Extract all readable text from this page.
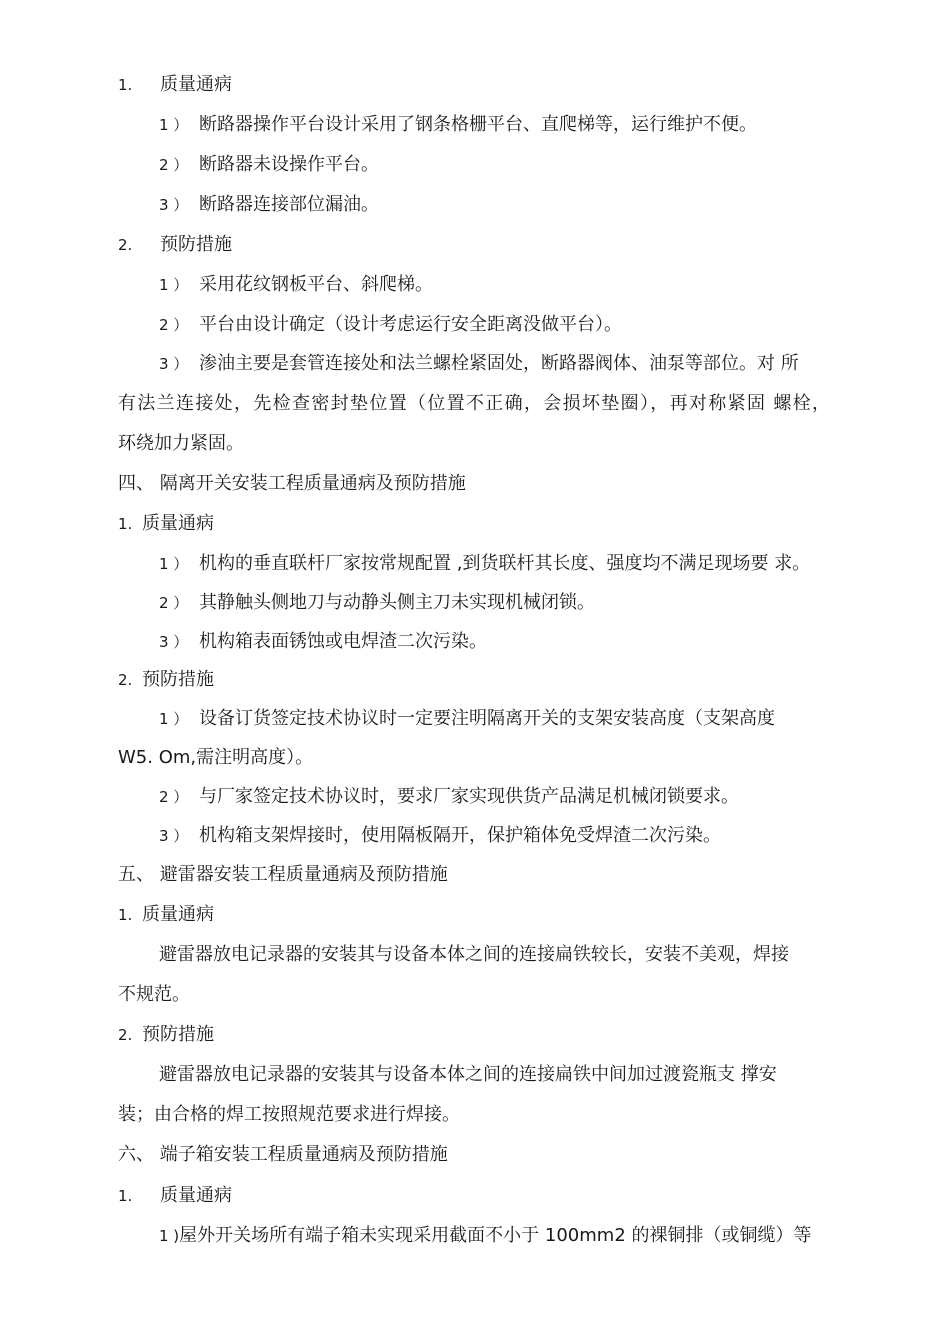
1. 质量通病
1 ） 断路器操作平台设计采用了钢条格栅平台、直爬梯等，运行维护不便。
2 ） 断路器未设操作平台。
3 ） 断路器连接部位漏油。
2. 预防措施
1 ） 采用花纹钢板平台、斜爬梯。
2 ） 平台由设计确定（设计考虑运行安全距离没做平台）。
3 ） 渗油主要是套管连接处和法兰螺栓紧固处，断路器阀体、油泵等部位。对 所
有法兰连接处，先检查密封垫位置（位置不正确，会损坏垫圈），再对称紧固 螺栓，
环绕加力紧固。
四、 隔离开关安装工程质量通病及预防措施
1. 质量通病
1 ） 机构的垂直联杆厂家按常规配置 ,到货联杆其长度、强度均不满足现场要 求。
2 ） 其静触头侧地刀与动静头侧主刀未实现机械闭锁。
3 ） 机构箱表面锈蚀或电焊渣二次污染。
2. 预防措施
1 ） 设备订货签定技术协议时一定要注明隔离开关的支架安装高度（支架高度
W5. Om,需注明高度）。
2 ） 与厂家签定技术协议时，要求厂家实现供货产品满足机械闭锁要求。
3 ） 机构箱支架焊接时，使用隔板隔开，保护箱体免受焊渣二次污染。
五、 避雷器安装工程质量通病及预防措施
1. 质量通病
避雷器放电记录器的安装其与设备本体之间的连接扁铁较长，安装不美观，焊接
不规范。
2. 预防措施
避雷器放电记录器的安装其与设备本体之间的连接扁铁中间加过渡瓷瓶支 撑安
装；由合格的焊工按照规范要求进行焊接。
六、 端子箱安装工程质量通病及预防措施
1. 质量通病
1 )屋外开关场所有端子箱未实现采用截面不小于 100mm2 的裸铜排（或铜缆）等
